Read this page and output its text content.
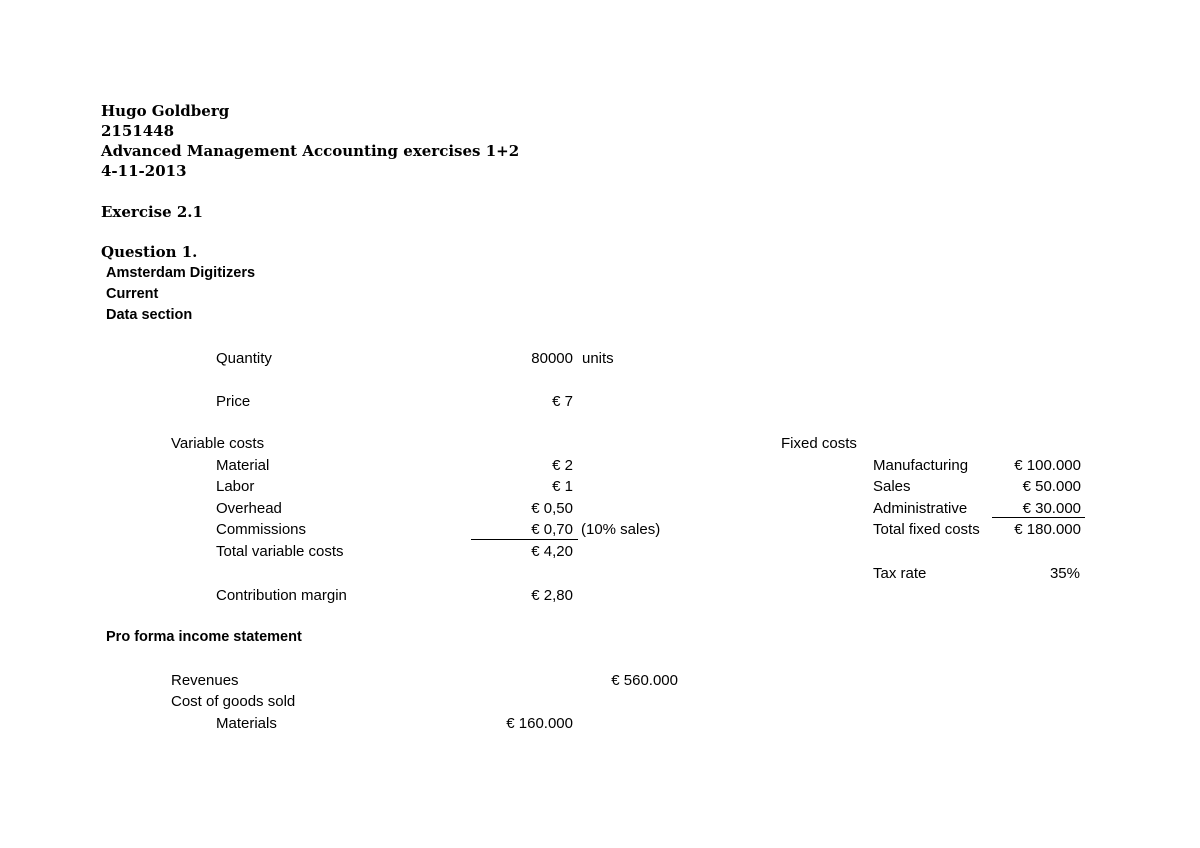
Hugo Goldberg
2151448
Advanced Management Accounting exercises 1+2
4-11-2013
Exercise 2.1
Question 1.
Amsterdam Digitizers
Current
Data section
Quantity	80000 units
Price	€ 7
Variable costs
Material	€ 2
Labor	€ 1
Overhead	€ 0,50
Commissions	€ 0,70 (10% sales)
Total variable costs	€ 4,20
Contribution margin	€ 2,80
Fixed costs
Manufacturing	€ 100.000
Sales	€ 50.000
Administrative	€ 30.000
Total fixed costs	€ 180.000
Tax rate	35%
Pro forma income statement
Revenues	€ 560.000
Cost of goods sold
Materials	€ 160.000
